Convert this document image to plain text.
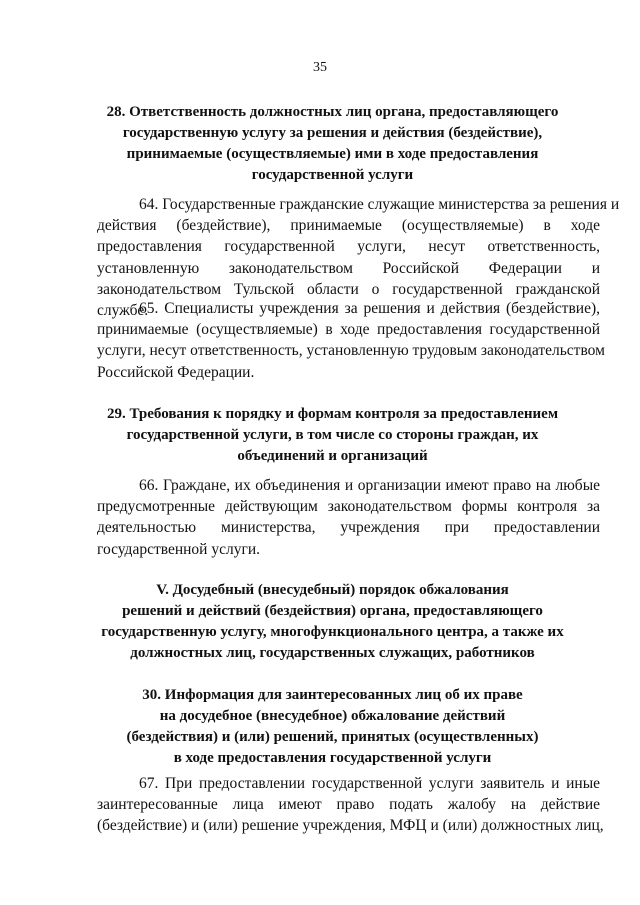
35
28. Ответственность должностных лиц органа, предоставляющего
государственную услугу за решения и действия (бездействие),
принимаемые (осуществляемые) ими в ходе предоставления
государственной услуги
64. Государственные гражданские служащие министерства за решения и
действия (бездействие), принимаемые (осуществляемые) в ходе
предоставления государственной услуги, несут ответственность,
установленную законодательством Российской Федерации и
законодательством Тульской области о государственной гражданской
службе.
65. Специалисты учреждения за решения и действия (бездействие),
принимаемые (осуществляемые) в ходе предоставления государственной
услуги, несут ответственность, установленную трудовым законодательством
Российской Федерации.
29. Требования к порядку и формам контроля за предоставлением
государственной услуги, в том числе со стороны граждан, их
объединений и организаций
66. Граждане, их объединения и организации имеют право на любые
предусмотренные действующим законодательством формы контроля за
деятельностью министерства, учреждения при предоставлении
государственной услуги.
V. Досудебный (внесудебный) порядок обжалования
решений и действий (бездействия) органа, предоставляющего
государственную услугу, многофункционального центра, а также их
должностных лиц, государственных служащих, работников
30. Информация для заинтересованных лиц об их праве
на досудебное (внесудебное) обжалование действий
(бездействия) и (или) решений, принятых (осуществленных)
в ходе предоставления государственной услуги
67. При предоставлении государственной услуги заявитель и иные
заинтересованные лица имеют право подать жалобу на действие
(бездействие) и (или) решение учреждения, МФЦ и (или) должностных лиц,
